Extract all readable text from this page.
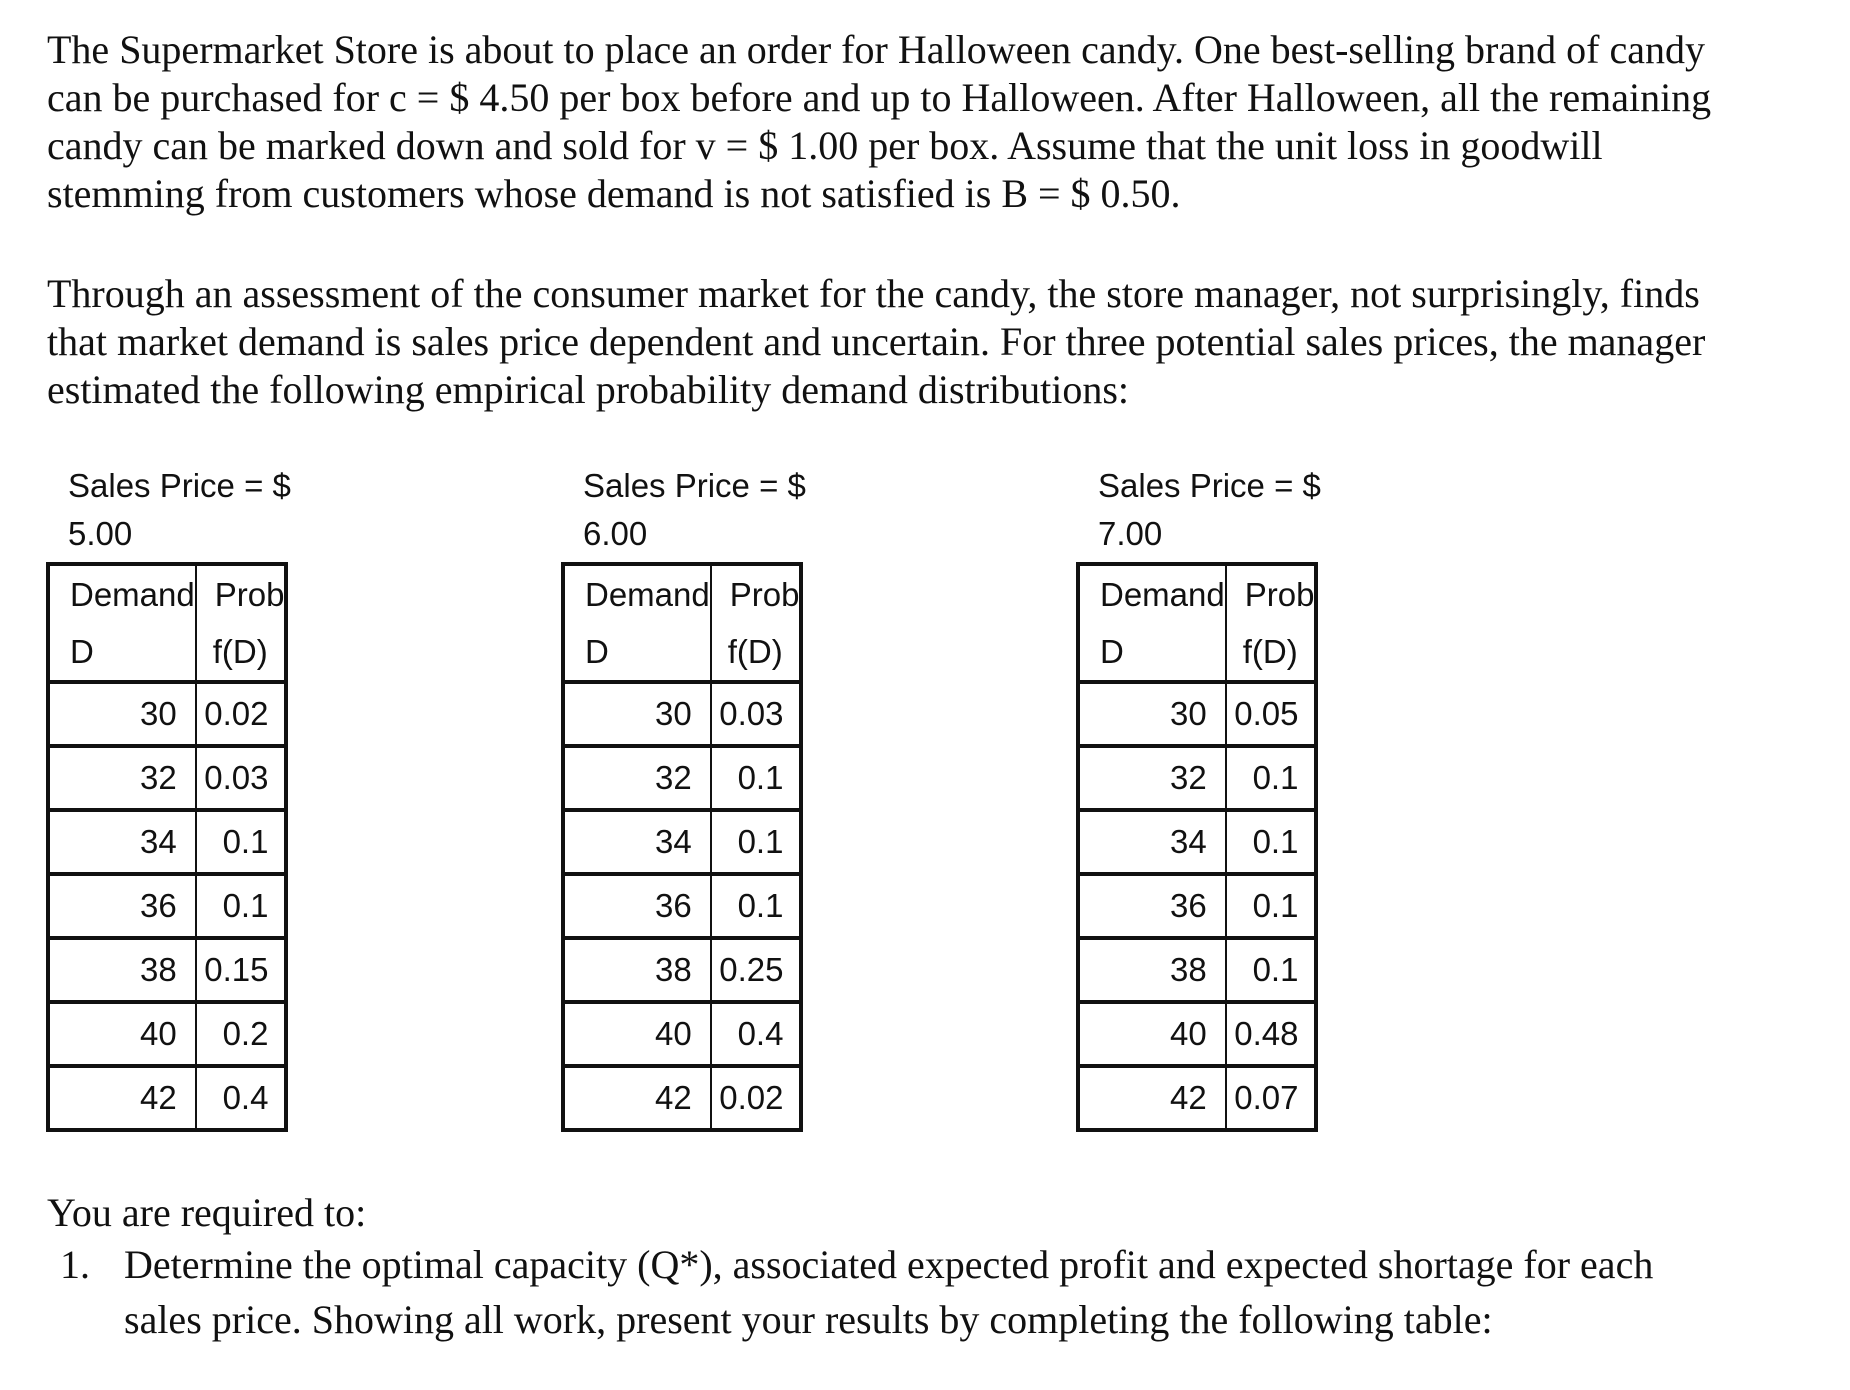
The Supermarket Store is about to place an order for Halloween candy. One best-selling brand of candy
can be purchased for c = $ 4.50 per box before and up to Halloween. After Halloween, all the remaining
candy can be marked down and sold for v = $ 1.00 per box. Assume that the unit loss in goodwill
stemming from customers whose demand is not satisfied is B = $ 0.50.
Through an assessment of the consumer market for the candy, the store manager, not surprisingly, finds
that market demand is sales price dependent and uncertain. For three potential sales prices, the manager
estimated the following empirical probability demand distributions:
Sales Price = $
5.00
Demand	Prob
D	f(D)
30	0.02
32	0.03
34	0.1
36	0.1
38	0.15
40	0.2
42	0.4
Sales Price = $
6.00
Demand	Prob
D	f(D)
30	0.03
32	0.1
34	0.1
36	0.1
38	0.25
40	0.4
42	0.02
Sales Price = $
7.00
Demand	Prob
D	f(D)
30	0.05
32	0.1
34	0.1
36	0.1
38	0.1
40	0.48
42	0.07
You are required to:
1. Determine the optimal capacity (Q*), associated expected profit and expected shortage for each
sales price. Showing all work, present your results by completing the following table:
